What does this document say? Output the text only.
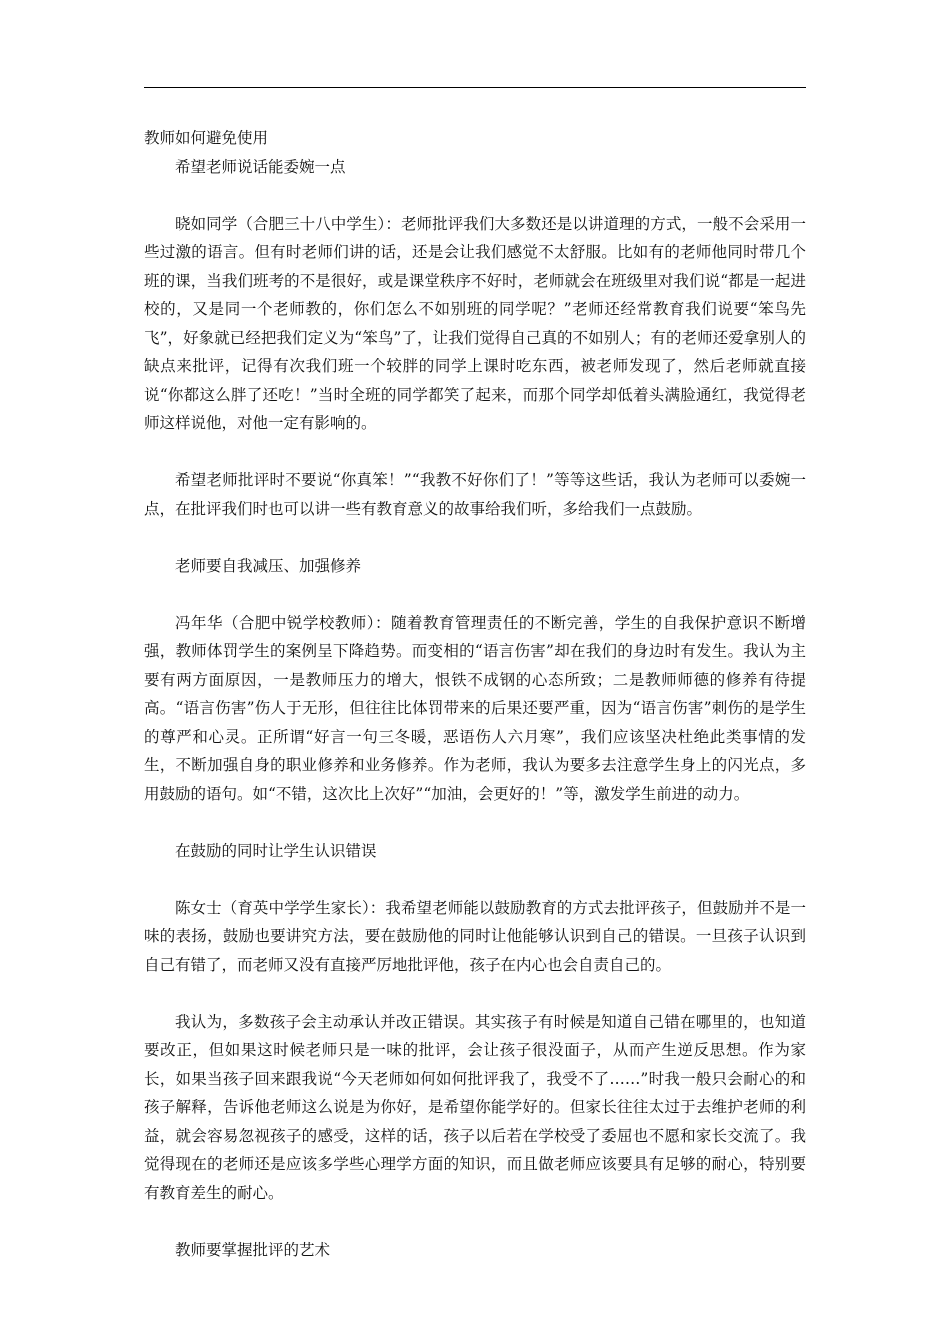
教师如何避免使用

希望老师说话能委婉一点

晓如同学（合肥三十八中学生）：老师批评我们大多数还是以讲道理的方式，一般不会采用一些过激的语言。但有时老师们讲的话，还是会让我们感觉不太舒服。比如有的老师他同时带几个班的课，当我们班考的不是很好，或是课堂秩序不好时，老师就会在班级里对我们说“都是一起进校的，又是同一个老师教的，你们怎么不如别班的同学呢？”老师还经常教育我们说要“笨鸟先飞”，好象就已经把我们定义为“笨鸟”了，让我们觉得自己真的不如别人；有的老师还爱拿别人的缺点来批评，记得有次我们班一个较胖的同学上课时吃东西，被老师发现了，然后老师就直接说“你都这么胖了还吃！”当时全班的同学都笑了起来，而那个同学却低着头满脸通红，我觉得老师这样说他，对他一定有影响的。

希望老师批评时不要说“你真笨！”“我教不好你们了！”等等这些话，我认为老师可以委婉一点，在批评我们时也可以讲一些有教育意义的故事给我们听，多给我们一点鼓励。

老师要自我减压、加强修养

冯年华（合肥中锐学校教师）：随着教育管理责任的不断完善，学生的自我保护意识不断增强，教师体罚学生的案例呈下降趋势。而变相的“语言伤害”却在我们的身边时有发生。我认为主要有两方面原因，一是教师压力的增大，恨铁不成钢的心态所致；二是教师师德的修养有待提高。“语言伤害”伤人于无形，但往往比体罚带来的后果还要严重，因为“语言伤害”刺伤的是学生的尊严和心灵。正所谓“好言一句三冬暖，恶语伤人六月寒”，我们应该坚决杜绝此类事情的发生，不断加强自身的职业修养和业务修养。作为老师，我认为要多去注意学生身上的闪光点，多用鼓励的语句。如“不错，这次比上次好”“加油，会更好的！”等，激发学生前进的动力。

在鼓励的同时让学生认识错误

陈女士（育英中学学生家长）：我希望老师能以鼓励教育的方式去批评孩子，但鼓励并不是一味的表扬，鼓励也要讲究方法，要在鼓励他的同时让他能够认识到自己的错误。一旦孩子认识到自己有错了，而老师又没有直接严厉地批评他，孩子在内心也会自责自己的。

我认为，多数孩子会主动承认并改正错误。其实孩子有时候是知道自己错在哪里的，也知道要改正，但如果这时候老师只是一味的批评，会让孩子很没面子，从而产生逆反思想。作为家长，如果当孩子回来跟我说“今天老师如何如何批评我了，我受不了……”时我一般只会耐心的和孩子解释，告诉他老师这么说是为你好，是希望你能学好的。但家长往往太过于去维护老师的利益，就会容易忽视孩子的感受，这样的话，孩子以后若在学校受了委屈也不愿和家长交流了。我觉得现在的老师还是应该多学些心理学方面的知识，而且做老师应该要具有足够的耐心，特别要有教育差生的耐心。

教师要掌握批评的艺术
